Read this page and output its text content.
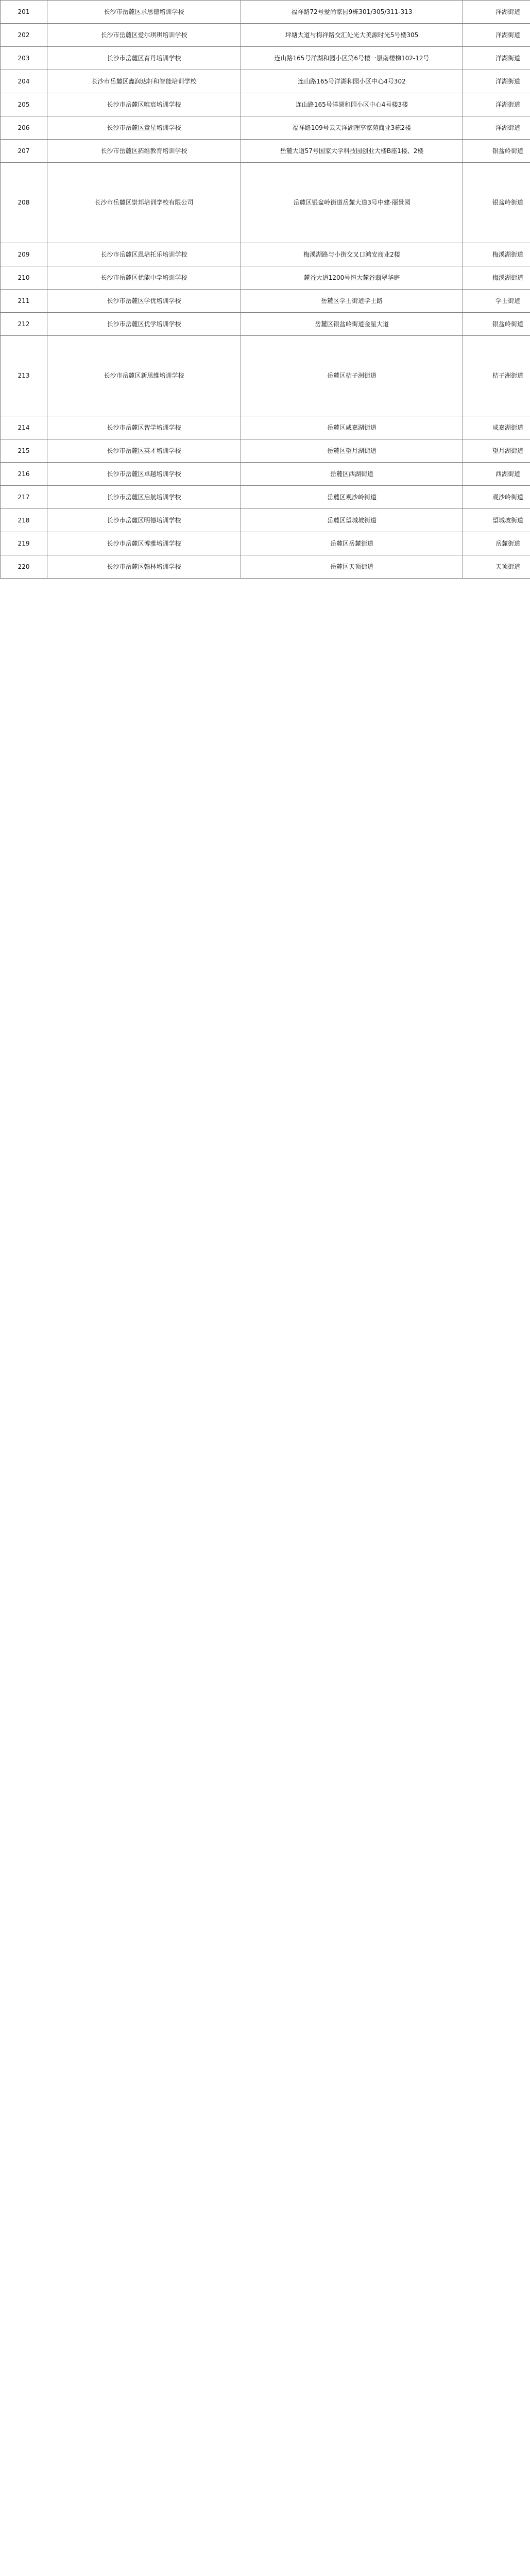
201	长沙市岳麓区求思德培训学校	福祥路72号爱尚家园9栋301/305/311-313	洋湖街道
202	长沙市岳麓区爱尔琪琪培训学校	坪塘大道与梅祥路交汇处光大美源时光5号楼305	洋湖街道
203	长沙市岳麓区育丹培训学校	连山路165号洋湖和园小区第6号楼一层南楼梯102-12号	洋湖街道
204	长沙市岳麓区鑫润达轩和智能培训学校	连山路165号洋湖和园小区中心4号302	洋湖街道
205	长沙市岳麓区唯宸培训学校	连山路165号洋湖和园小区中心4号楼3楼	洋湖街道
206	长沙市岳麓区童星培训学校	福祥路109号云天洋湖理享家苑商业3栋2楼	洋湖街道
207	长沙市岳麓区拓维教育培训学校	岳麓大道57号国家大学科技园创业大楼B座1楼、2楼	银盆岭街道
208	长沙市岳麓区崇邦培训学校有限公司	岳麓区银盆岭街道岳麓大道3号中建·丽景园	银盆岭街道
209	长沙市岳麓区恩培托乐培训学校	梅溪湖路与小街交叉口鸿安商业2楼	梅溪湖街道
210	长沙市岳麓区优能中学培训学校	麓谷大道1200号恒大麓谷翡翠华庭	梅溪湖街道
211	长沙市岳麓区学优培训学校	岳麓区学士街道学士路	学士街道
212	长沙市岳麓区优学培训学校	岳麓区银盆岭街道金星大道	银盆岭街道
213	长沙市岳麓区新思维培训学校	岳麓区桔子洲街道	桔子洲街道
214	长沙市岳麓区智学培训学校	岳麓区咸嘉湖街道	咸嘉湖街道
215	长沙市岳麓区英才培训学校	岳麓区望月湖街道	望月湖街道
216	长沙市岳麓区卓越培训学校	岳麓区西湖街道	西湖街道
217	长沙市岳麓区启航培训学校	岳麓区观沙岭街道	观沙岭街道
218	长沙市岳麓区明德培训学校	岳麓区望城坡街道	望城坡街道
219	长沙市岳麓区博雅培训学校	岳麓区岳麓街道	岳麓街道
220	长沙市岳麓区翰林培训学校	岳麓区天顶街道	天顶街道
